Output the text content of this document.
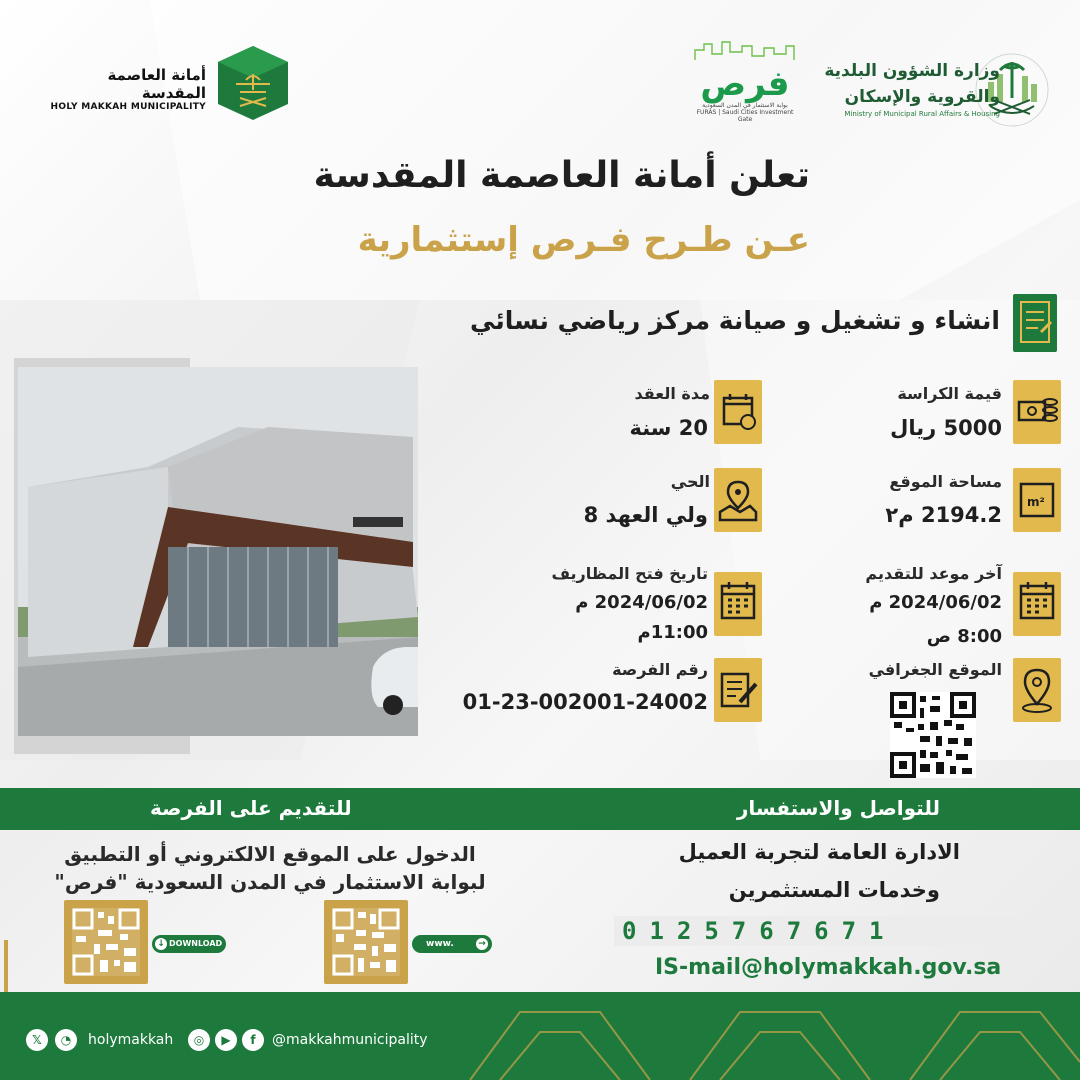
وزارة الشؤون البلدية
والقروية والإسكان
Ministry of Municipal Rural Affairs & Housing
فرص
بوابة الاستثمار في المدن السعودية
FURAS | Saudi Cities Investment Gate
أمانة العاصمة المقدسة
HOLY MAKKAH MUNICIPALITY
تعلن أمانة العاصمة المقدسة
عـن طـرح فـرص إستثمارية
انشاء و تشغيل و صيانة مركز رياضي نسائي
m²
مدة العقد
20 سنة
قيمة الكراسة
5000 ريال
الحي
ولي العهد 8
مساحة الموقع
2194.2 م٢
تاريخ فتح المظاريف
2024/06/02 م
11:00م
آخر موعد للتقديم
2024/06/02 م
8:00 ص
رقم الفرصة
01-23-002001-24002
الموقع الجغرافي
للتقديم على الفرصة	للتواصل والاستفسار
الدخول على الموقع الالكتروني أو التطبيق
لبوابة الاستثمار في المدن السعودية "فرص"
↓ DOWNLOAD	www.	→
الادارة العامة لتجربة العميل
وخدمات المستثمرين
0125767671
IS-mail@holymakkah.gov.sa
𝕏	◔	holymakkah	◎	▶	f	@makkahmunicipality
